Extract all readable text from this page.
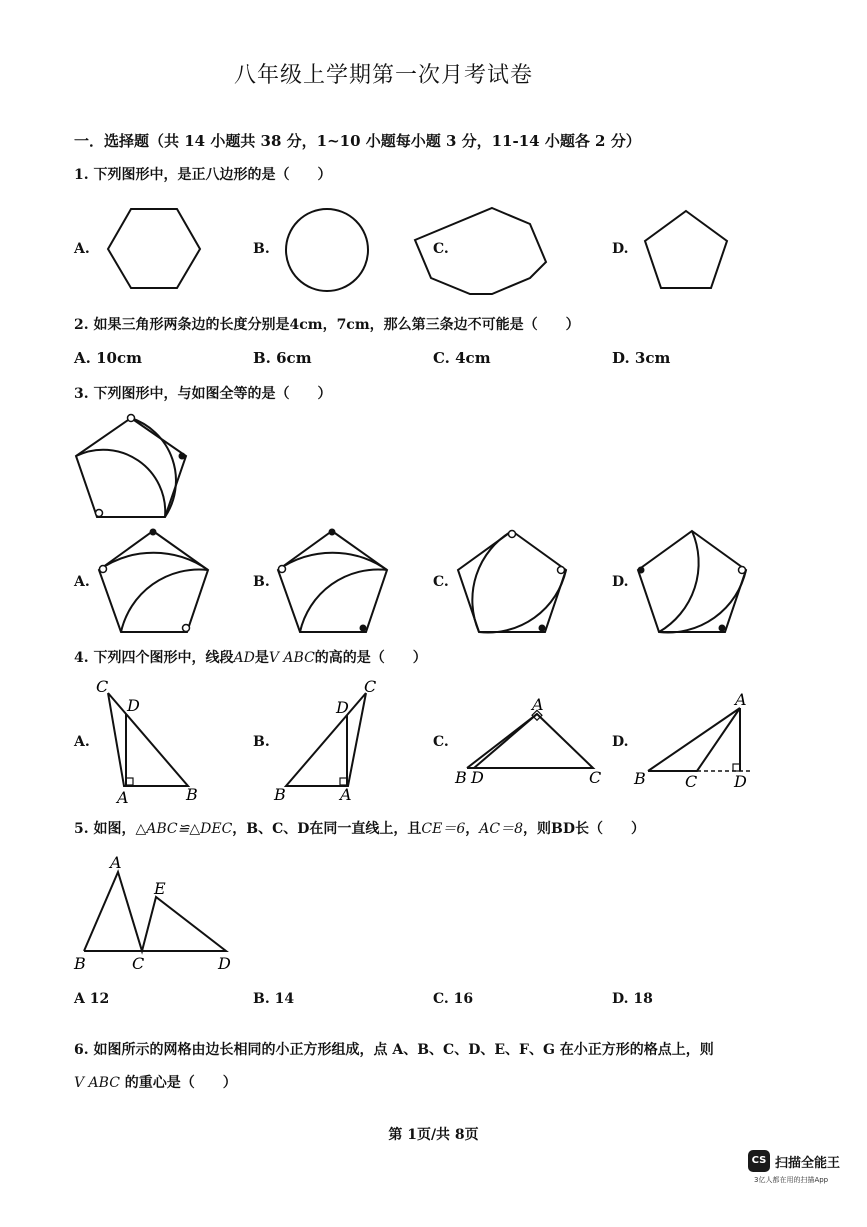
八年级上学期第一次月考试卷
一．选择题（共 14 小题共 38 分，1~10 小题每小题 3 分，11-14 小题各 2 分）
1. 下列图形中，是正八边形的是（　　）
A.	B.	C.	D.
2. 如果三角形两条边的长度分别是4cm，7cm，那么第三条边不可能是（　　）
A. 10cm	B. 6cm	C. 4cm	D. 3cm
3. 下列图形中，与如图全等的是（　　）
A.	B.	C.	D.
4. 下列四个图形中，线段AD是V ABC的高的是（　　）
A.	B.	C.	D.
C
D
A	B
C
D
B	A
A
B D	C
A
B C D
5. 如图，△ABC≌△DEC，B、C、D在同一直线上，且CE＝6，AC＝8，则BD长（　　）
A
E
B	C	D
A 12	B. 14	C. 16	D. 18
6. 如图所示的网格由边长相同的小正方形组成，点 A、B、C、D、E、F、G 在小正方形的格点上，则
V ABC 的重心是（　　）
第 1页/共 8页
CS 扫描全能王
3亿人都在用的扫描App
